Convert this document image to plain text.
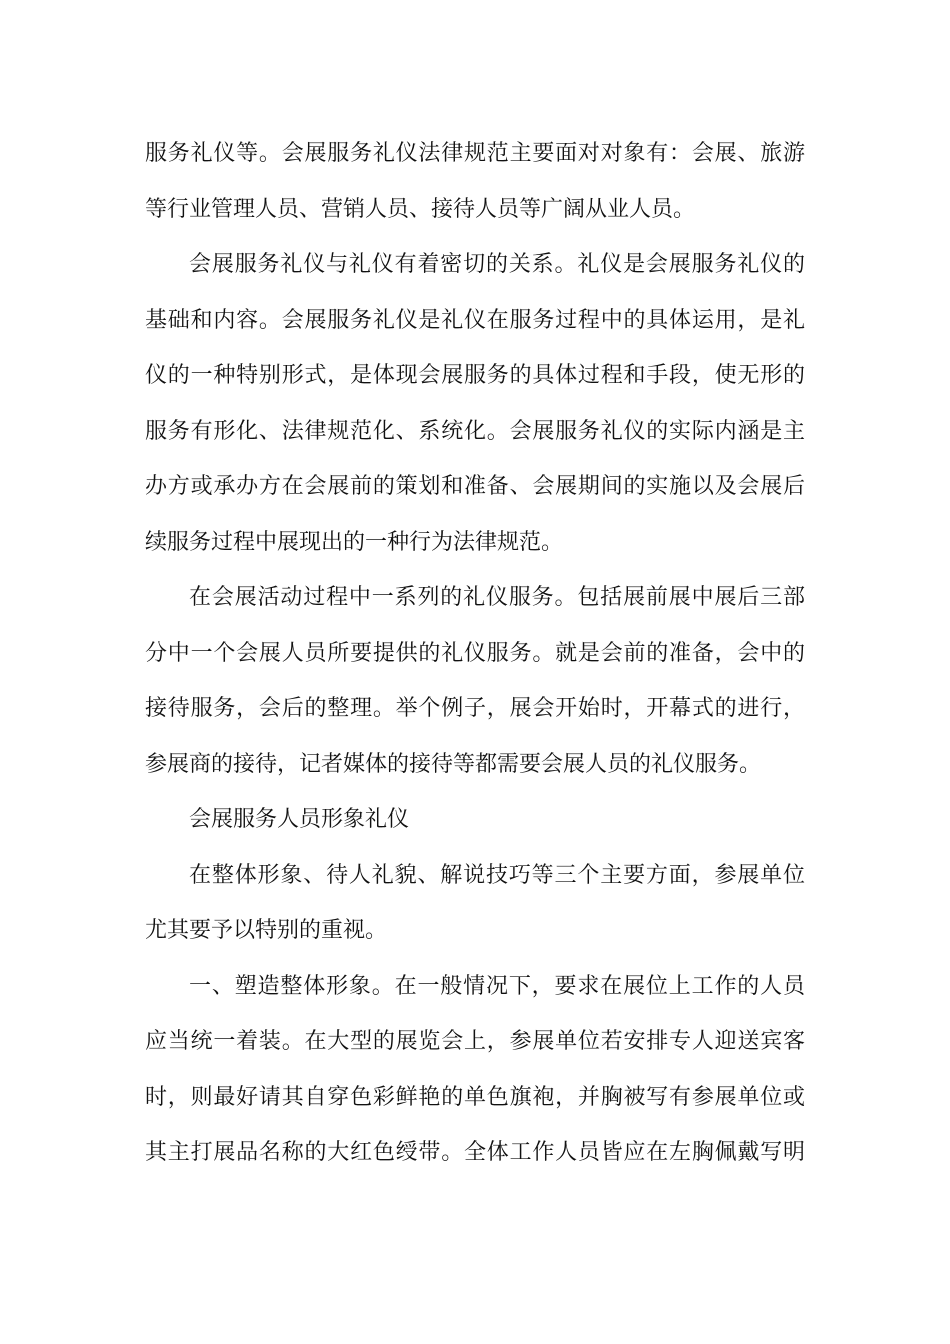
服务礼仪等。会展服务礼仪法律规范主要面对对象有：会展、旅游
等行业管理人员、营销人员、接待人员等广阔从业人员。
会展服务礼仪与礼仪有着密切的关系。礼仪是会展服务礼仪的
基础和内容。会展服务礼仪是礼仪在服务过程中的具体运用，是礼
仪的一种特别形式，是体现会展服务的具体过程和手段，使无形的
服务有形化、法律规范化、系统化。会展服务礼仪的实际内涵是主
办方或承办方在会展前的策划和准备、会展期间的实施以及会展后
续服务过程中展现出的一种行为法律规范。
在会展活动过程中一系列的礼仪服务。包括展前展中展后三部
分中一个会展人员所要提供的礼仪服务。就是会前的准备，会中的
接待服务，会后的整理。举个例子，展会开始时，开幕式的进行，
参展商的接待，记者媒体的接待等都需要会展人员的礼仪服务。
会展服务人员形象礼仪
在整体形象、待人礼貌、解说技巧等三个主要方面，参展单位
尤其要予以特别的重视。
一、塑造整体形象。在一般情况下，要求在展位上工作的人员
应当统一着装。在大型的展览会上，参展单位若安排专人迎送宾客
时，则最好请其自穿色彩鲜艳的单色旗袍，并胸被写有参展单位或
其主打展品名称的大红色绶带。全体工作人员皆应在左胸佩戴写明
